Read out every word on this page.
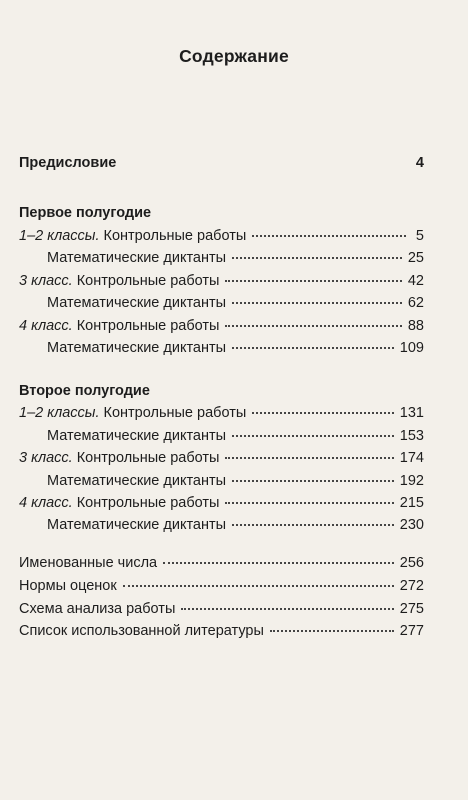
Содержание
Предисловие	4
Первое полугодие
1–2 классы. Контрольные работы	5
Математические диктанты	25
3 класс. Контрольные работы	42
Математические диктанты	62
4 класс. Контрольные работы	88
Математические диктанты	109
Второе полугодие
1–2 классы. Контрольные работы	131
Математические диктанты	153
3 класс. Контрольные работы	174
Математические диктанты	192
4 класс. Контрольные работы	215
Математические диктанты	230
Именованные числа	256
Нормы оценок	272
Схема анализа работы	275
Список использованной литературы	277
